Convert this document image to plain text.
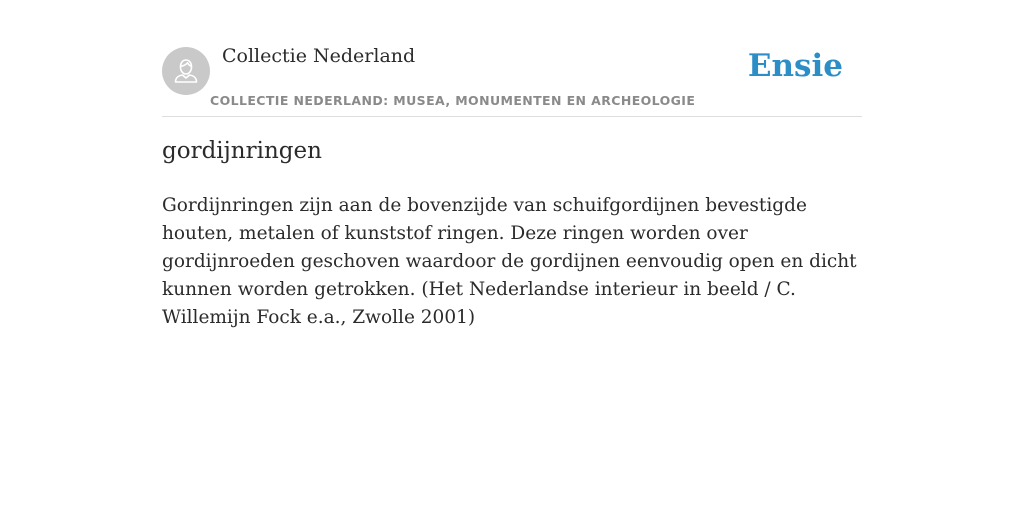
Collectie Nederland
COLLECTIE NEDERLAND: MUSEA, MONUMENTEN EN ARCHEOLOGIE
Ensie
gordijnringen

Gordijnringen zijn aan de bovenzijde van schuifgordijnen bevestigde houten, metalen of kunststof ringen. Deze ringen worden over gordijnroeden geschoven waardoor de gordijnen eenvoudig open en dicht kunnen worden getrokken. (Het Nederlandse interieur in beeld / C. Willemijn Fock e.a., Zwolle 2001)
